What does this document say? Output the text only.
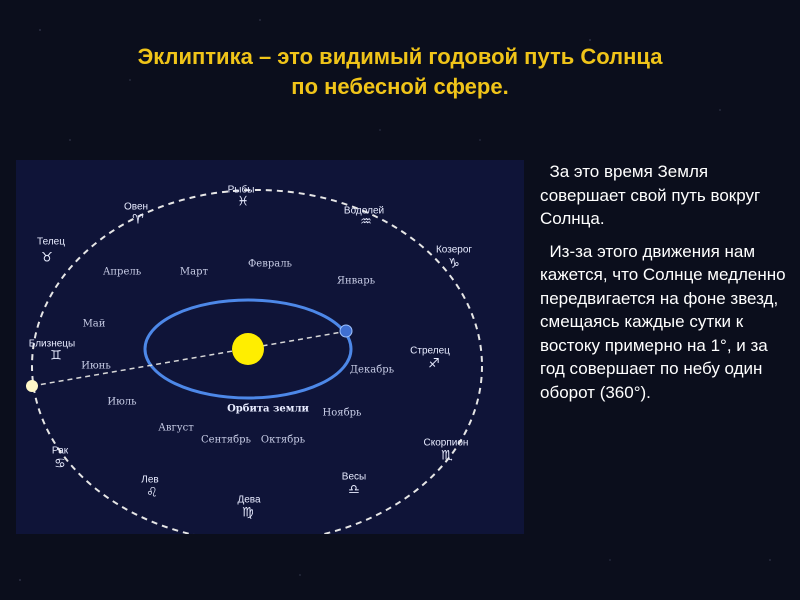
Эклиптика – это видимый годовой путь Солнца
по небесной сфере.
Овен
♈
Рыбы
♓
Водолей
♒
Телец
♉
Козерог
♑
Близнецы
♊	Стрелец
♐
Рак
♋
Скорпион
♏
Лев
♌
Весы
♎
Дева
♍
Апрель	Март
Февраль
Январь
Май
Июнь	Декабрь
Июль
Ноябрь
Август
Сентябрь Октябрь
Орбита земли

За это время Земля совершает свой путь вокруг Солнца.

Из-за этого движения нам кажется, что Солнце медленно передвигается на фоне звезд, смещаясь каждые сутки к востоку примерно на 1°, и за год совершает по небу один оборот (360°).
